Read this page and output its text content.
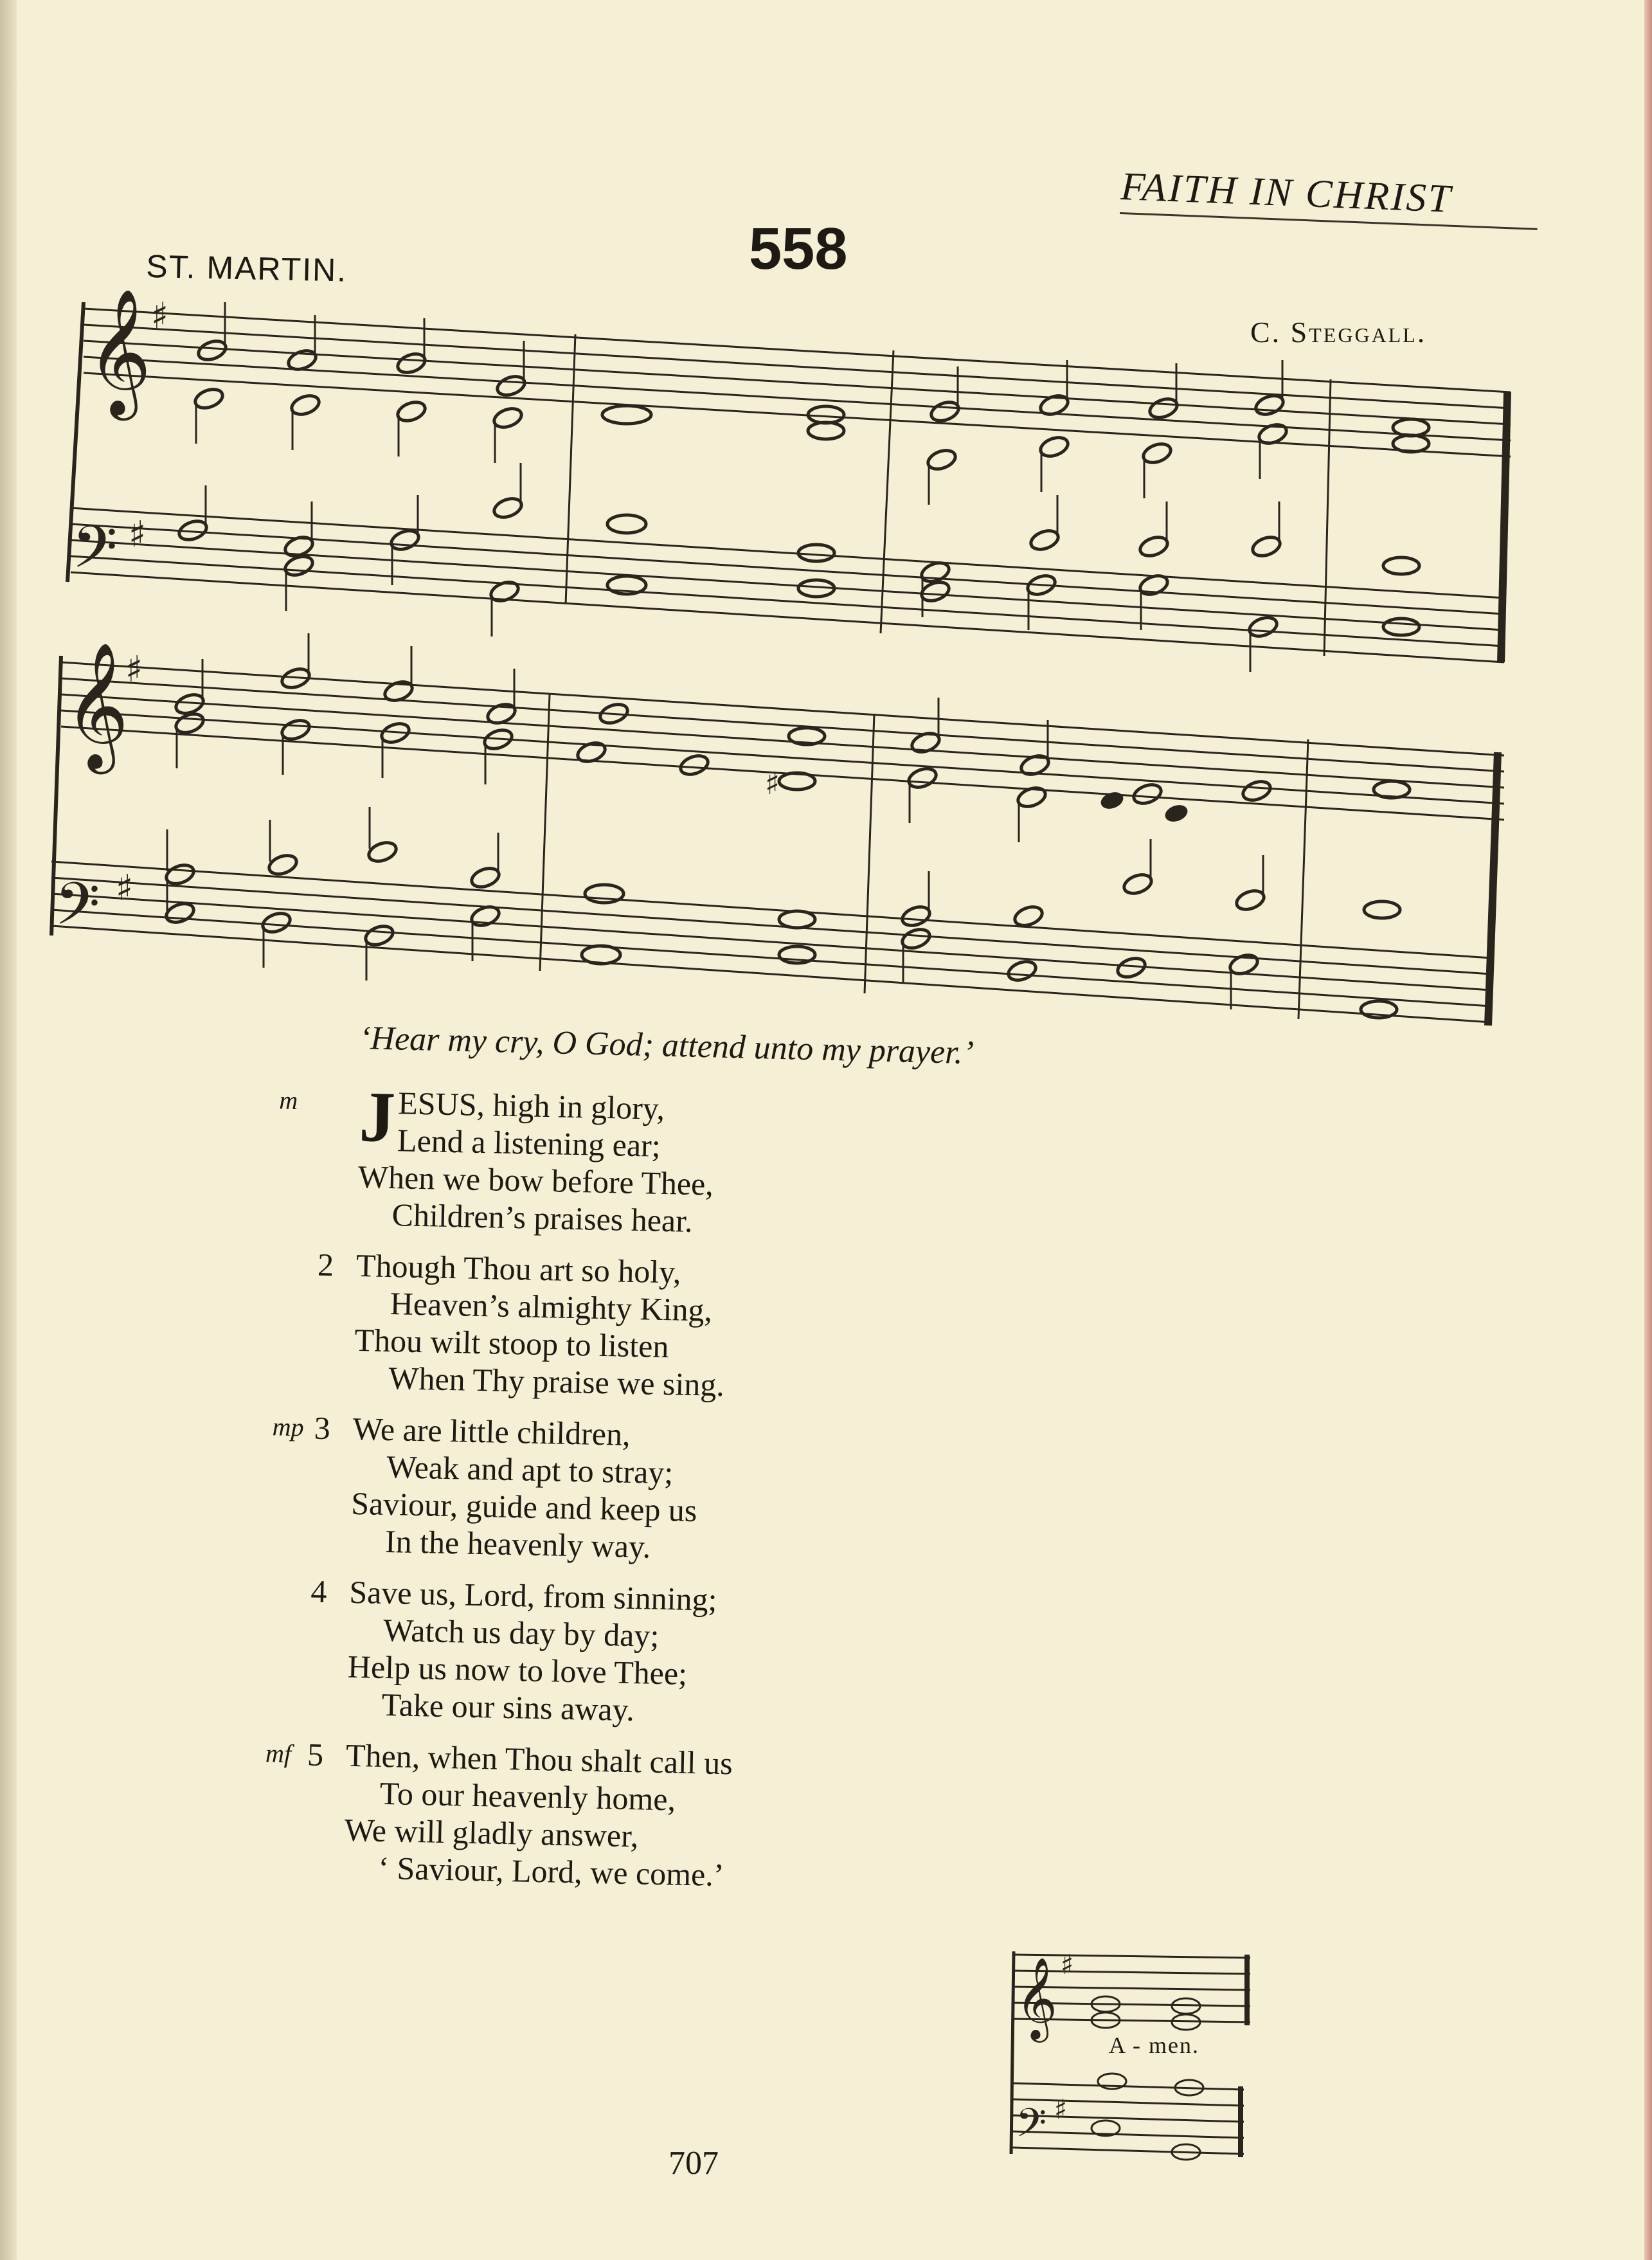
FAITH IN CHRIST
558
ST. MARTIN.
C. Steggall.
𝄞
𝄢
𝄞
𝄢
♯
♯
♯
♯
♯
‘Hear my cry, O God; attend unto my prayer.’
m J ESUS, high in glory,
Lend a listening ear;
When we bow before Thee,
Children’s praises hear.
2 Though Thou art so holy,
Heaven’s almighty King,
Thou wilt stoop to listen
When Thy praise we sing.
mp 3 We are little children,
Weak and apt to stray;
Saviour, guide and keep us
In the heavenly way.
4 Save us, Lord, from sinning;
Watch us day by day;
Help us now to love Thee;
Take our sins away.
mf 5 Then, when Thou shalt call us
To our heavenly home,
We will gladly answer,
‘ Saviour, Lord, we come.’
𝄞 ♯
𝄢 ♯
A - men.
707
